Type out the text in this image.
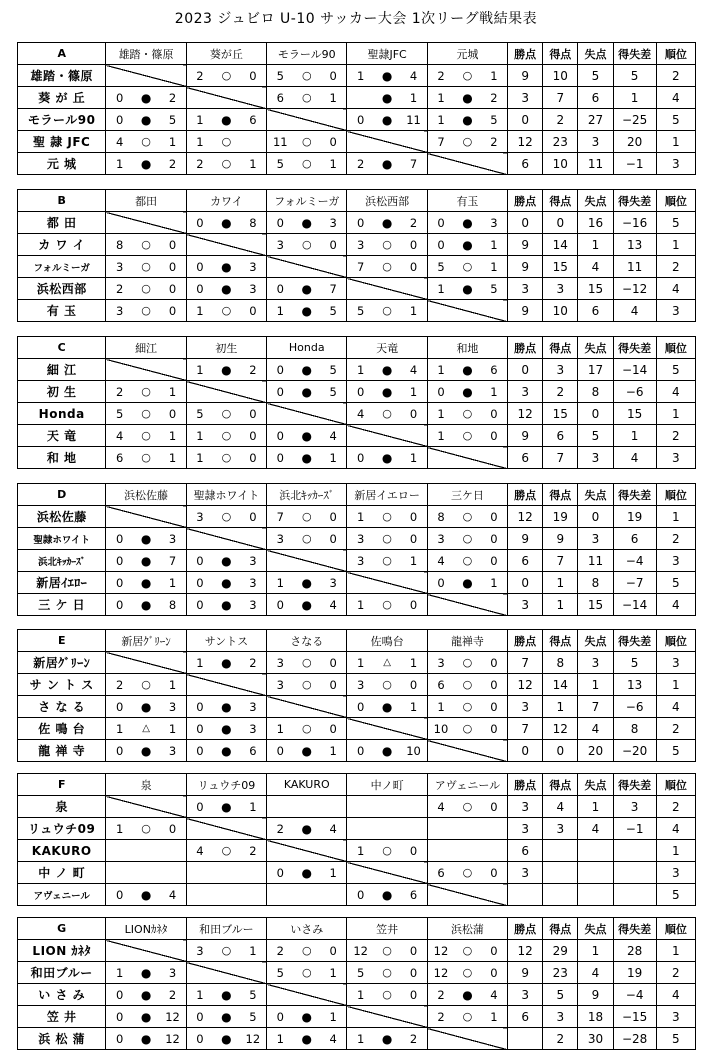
2023 ジュビロ U-10 サッカー大会 1次リーグ戦結果表
A	雄踏・篠原	葵が丘	モラール90	聖隷JFC	元城	勝点	得点	失点	得失差	順位
雄踏・篠原		2 ○ 0	5 ○ 0	1 ● 4	2 ○ 1	9	10	5	5	2
葵 が 丘	0 ● 2		6 ○ 1	● 1	1 ● 2	3	7	6	1	4
モラール90	0 ● 5	1 ● 6		0 ● 11	1 ● 5	0	2	27	−25	5
聖 隷 JFC	4 ○ 1	1 ○	11 ○ 0		7 ○ 2	12	23	3	20	1
元 城	1 ● 2	2 ○ 1	5 ○ 1	2 ● 7		6	10	11	−1	3
B	都田	カワイ	フォルミーガ	浜松西部	有玉	勝点	得点	失点	得失差	順位
都 田		0 ● 8	0 ● 3	0 ● 2	0 ● 3	0	0	16	−16	5
カ ワ イ	8 ○ 0		3 ○ 0	3 ○ 0	0 ● 1	9	14	1	13	1
フォルミーガ	3 ○ 0	0 ● 3		7 ○ 0	5 ○ 1	9	15	4	11	2
浜松西部	2 ○ 0	0 ● 3	0 ● 7		1 ● 5	3	3	15	−12	4
有 玉	3 ○ 0	1 ○ 0	1 ● 5	5 ○ 1		9	10	6	4	3
C	細江	初生	Honda	天竜	和地	勝点	得点	失点	得失差	順位
細 江		1 ● 2	0 ● 5	1 ● 4	1 ● 6	0	3	17	−14	5
初 生	2 ○ 1		0 ● 5	0 ● 1	0 ● 1	3	2	8	−6	4
Honda	5 ○ 0	5 ○ 0		4 ○ 0	1 ○ 0	12	15	0	15	1
天 竜	4 ○ 1	1 ○ 0	0 ● 4		1 ○ 0	9	6	5	1	2
和 地	6 ○ 1	1 ○ 0	0 ● 1	0 ● 1		6	7	3	4	3
D	浜松佐藤	聖隷ホワイト	浜北ｷｯｶｰｽﾞ	新居イエロー	三ケ日	勝点	得点	失点	得失差	順位
浜松佐藤		3 ○ 0	7 ○ 0	1 ○ 0	8 ○ 0	12	19	0	19	1
聖隷ホワイト	0 ● 3		3 ○ 0	3 ○ 0	3 ○ 0	9	9	3	6	2
浜北ｷｯｶｰｽﾞ	0 ● 7	0 ● 3		3 ○ 1	4 ○ 0	6	7	11	−4	3
新居ｲｴﾛｰ	0 ● 1	0 ● 3	1 ● 3		0 ● 1	0	1	8	−7	5
三 ケ 日	0 ● 8	0 ● 3	0 ● 4	1 ○ 0		3	1	15	−14	4
E	新居ｸﾞﾘｰﾝ	サントス	さなる	佐鳴台	龍禅寺	勝点	得点	失点	得失差	順位
新居ｸﾞﾘｰﾝ		1 ● 2	3 ○ 0	1 △ 1	3 ○ 0	7	8	3	5	3
サ ン ト ス	2 ○ 1		3 ○ 0	3 ○ 0	6 ○ 0	12	14	1	13	1
さ な る	0 ● 3	0 ● 3		0 ● 1	1 ○ 0	3	1	7	−6	4
佐 鳴 台	1 △ 1	0 ● 3	1 ○ 0		10 ○ 0	7	12	4	8	2
龍 禅 寺	0 ● 3	0 ● 6	0 ● 1	0 ● 10		0	0	20	−20	5
F	泉	リュウチ09	KAKURO	中ノ町	アヴェニール	勝点	得点	失点	得失差	順位
泉		0 ● 1			4 ○ 0	3	4	1	3	2
リュウチ09	1 ○ 0		2 ● 4			3	3	4	−1	4
KAKURO		4 ○ 2		1 ○ 0		6				1
中 ノ 町			0 ● 1		6 ○ 0	3				3
アヴェニール	0 ● 4			0 ● 6						5
G	LIONｶﾈﾀ	和田ブルー	いさみ	笠井	浜松蒲	勝点	得点	失点	得失差	順位
LION ｶﾈﾀ		3 ○ 1	2 ○ 0	12 ○ 0	12 ○ 0	12	29	1	28	1
和田ブルー	1 ● 3		5 ○ 1	5 ○ 0	12 ○ 0	9	23	4	19	2
い さ み	0 ● 2	1 ● 5		1 ○ 0	2 ● 4	3	5	9	−4	4
笠 井	0 ● 12	0 ● 5	0 ● 1		2 ○ 1	6	3	18	−15	3
浜 松 蒲	0 ● 12	0 ● 12	1 ● 4	1 ● 2			2	30	−28	5
